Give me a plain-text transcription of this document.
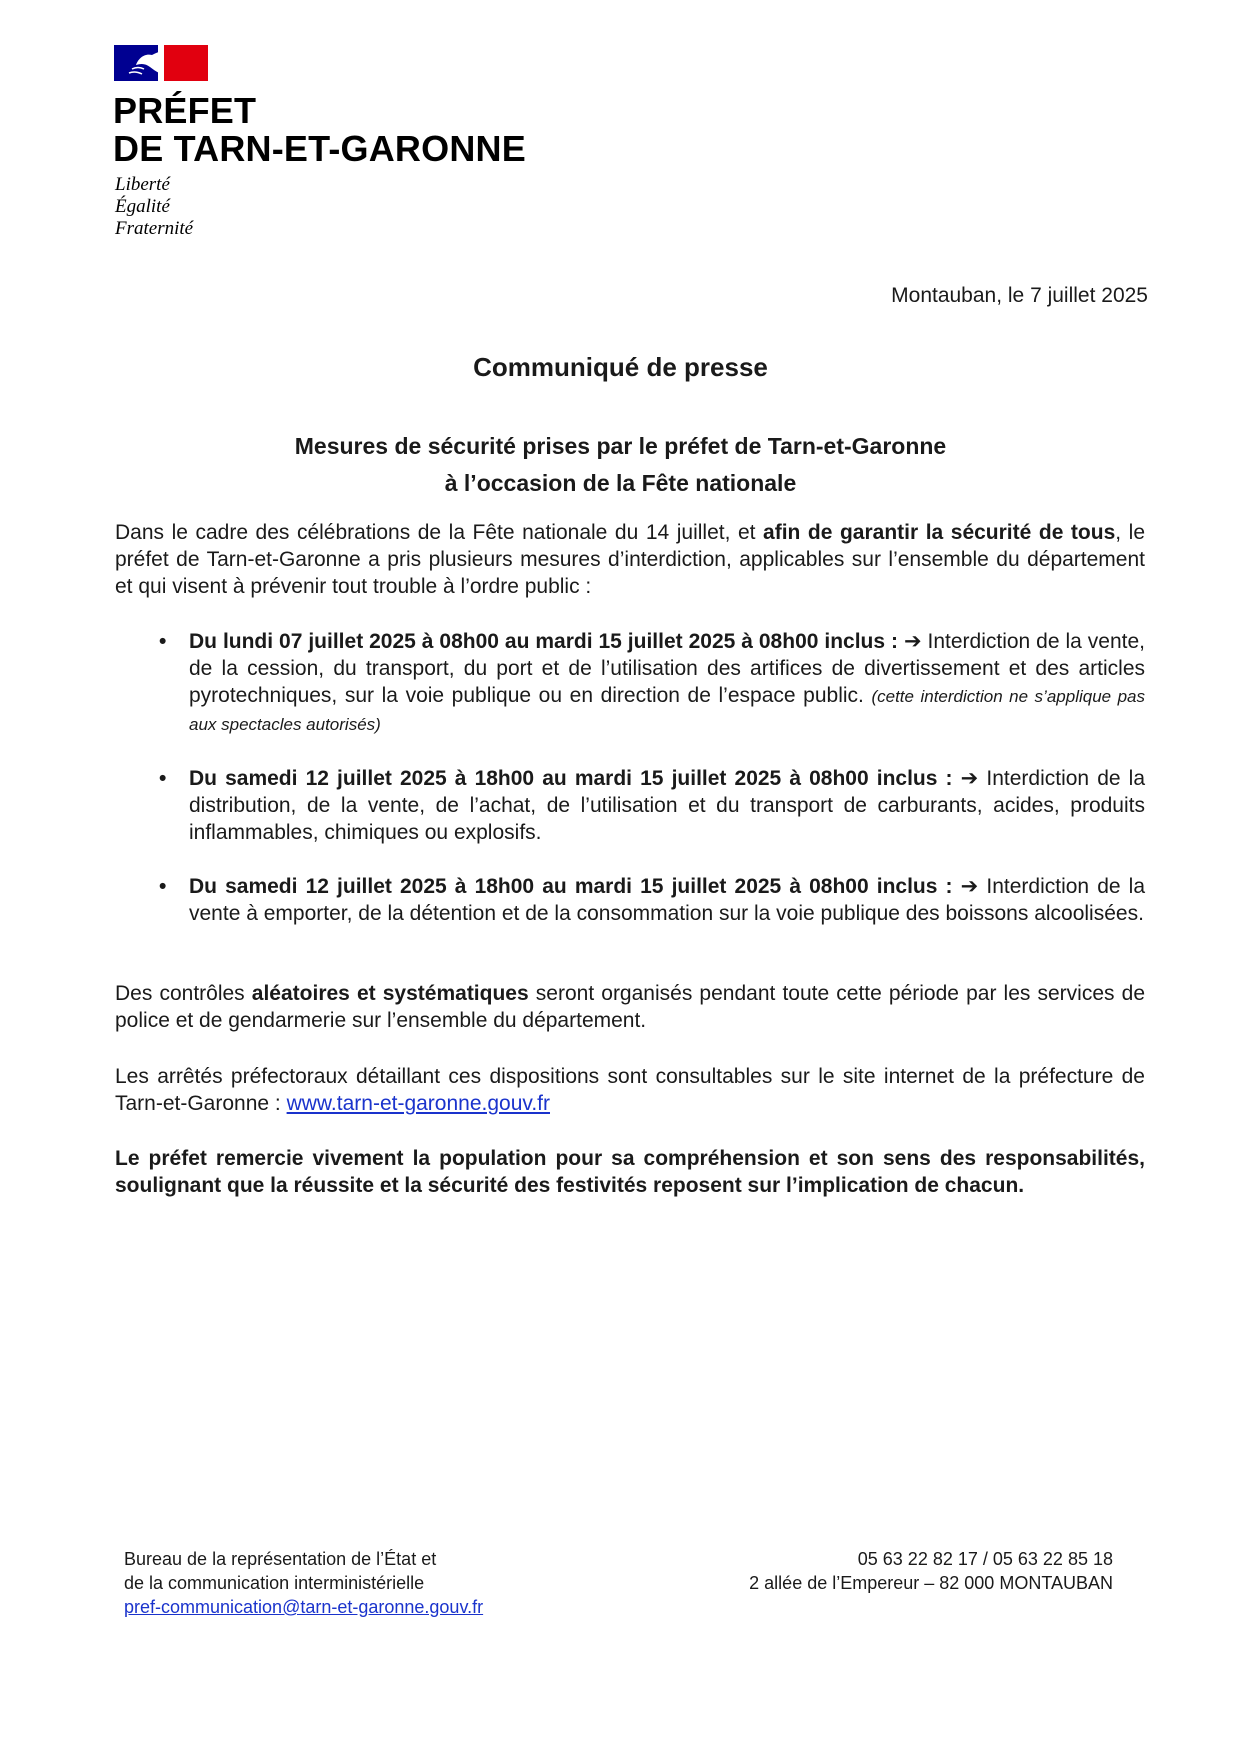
PRÉFET
DE TARN-ET-GARONNE
Liberté
Égalité
Fraternité
Montauban, le 7 juillet 2025
Communiqué de presse
Mesures de sécurité prises par le préfet de Tarn-et-Garonne
à l’occasion de la Fête nationale
Dans le cadre des célébrations de la Fête nationale du 14 juillet, et afin de garantir la sécurité de tous, le préfet de Tarn-et-Garonne a pris plusieurs mesures d’interdiction, applicables sur l’ensemble du département et qui visent à prévenir tout trouble à l’ordre public :
• Du lundi 07 juillet 2025 à 08h00 au mardi 15 juillet 2025 à 08h00 inclus : ➔ Interdiction de la vente, de la cession, du transport, du port et de l’utilisation des artifices de divertissement et des articles pyrotechniques, sur la voie publique ou en direction de l’espace public. (cette interdiction ne s’applique pas aux spectacles autorisés)
• Du samedi 12 juillet 2025 à 18h00 au mardi 15 juillet 2025 à 08h00 inclus : ➔ Interdiction de la distribution, de la vente, de l’achat, de l’utilisation et du transport de carburants, acides, produits inflammables, chimiques ou explosifs.
• Du samedi 12 juillet 2025 à 18h00 au mardi 15 juillet 2025 à 08h00 inclus : ➔ Interdiction de la vente à emporter, de la détention et de la consommation sur la voie publique des boissons alcoolisées.
Des contrôles aléatoires et systématiques seront organisés pendant toute cette période par les services de police et de gendarmerie sur l’ensemble du département.
Les arrêtés préfectoraux détaillant ces dispositions sont consultables sur le site internet de la préfecture de Tarn-et-Garonne : www.tarn-et-garonne.gouv.fr
Le préfet remercie vivement la population pour sa compréhension et son sens des responsabilités, soulignant que la réussite et la sécurité des festivités reposent sur l’implication de chacun.
Bureau de la représentation de l’État et
de la communication interministérielle
pref-communication@tarn-et-garonne.gouv.fr
05 63 22 82 17 / 05 63 22 85 18
2 allée de l’Empereur – 82 000 MONTAUBAN
